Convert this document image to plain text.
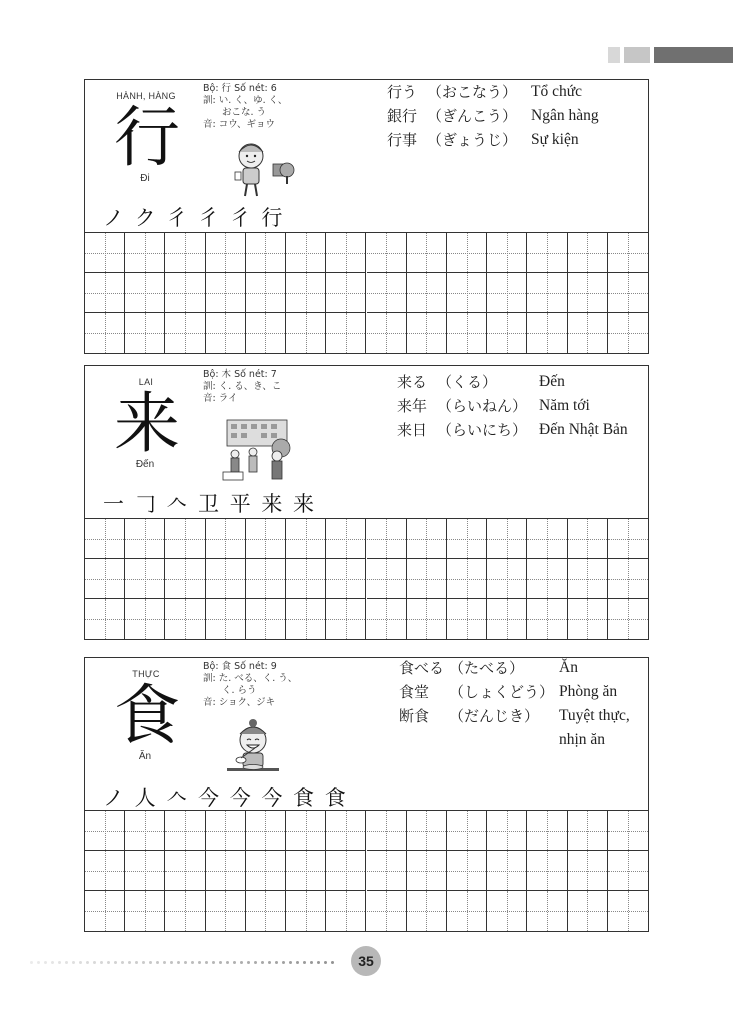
HÀNH, HÀNG
行
Đi
Bộ: 行 Số nét: 6
訓: い. く、ゆ. く、
おこな. う
音: コウ、ギョウ
行う （おこなう） Tổ chức
銀行 （ぎんこう） Ngân hàng
行事 （ぎょうじ） Sự kiện
ノ ク 彳 彳 彳 行
LAI
来
Đến
Bộ: 木 Số nét: 7
訓: く. る、き、こ
音: ライ
来る （くる）	Đến
来年 （らいねん） Năm tới
来日 （らいにち） Đến Nhật Bản
一 𠃌 𠆢 卫 平 来 来
THỰC
食
Ăn
Bộ: 食 Số nét: 9
訓: た. べる、く. う、
く. らう
音: ショク、ジキ
食べる （たべる） Ăn
食堂 （しょくどう） Phòng ăn
断食 （だんじき） Tuyệt thực,
nhịn ăn
ノ 人 𠆢 今 今 今 食 食
35
